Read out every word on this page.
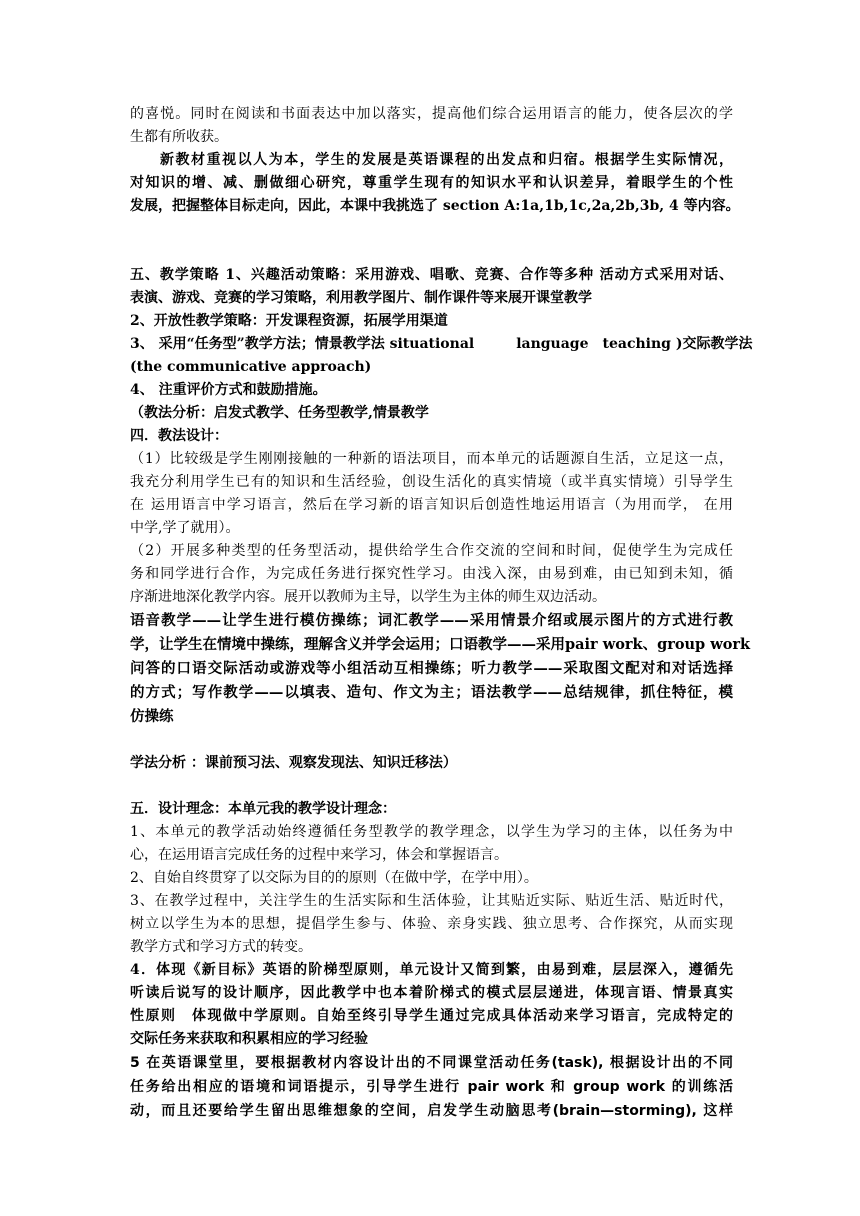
的喜悦。同时在阅读和书面表达中加以落实，提高他们综合运用语言的能力，使各层次的学
生都有所收获。
新教材重视以人为本，学生的发展是英语课程的出发点和归宿。根据学生实际情况，
对知识的增、减、删做细心研究，尊重学生现有的知识水平和认识差异，着眼学生的个性
发展，把握整体目标走向，因此，本课中我挑选了 section A:1a,1b,1c,2a,2b,3b, 4 等内容。
五、教学策略 1、兴趣活动策略：采用游戏、唱歌、竞赛、合作等多种 活动方式采用对话、
表演、游戏、竞赛的学习策略，利用教学图片、制作课件等来展开课堂教学
2、开放性教学策略：开发课程资源，拓展学用渠道
3、 采用“任务型”教学方法；情景教学法 situational　　　language　teaching )交际教学法
(the communicative approach)
4、 注重评价方式和鼓励措施。
（教法分析：启发式教学、任务型教学,情景教学
四．教法设计：
（1）比较级是学生刚刚接触的一种新的语法项目，而本单元的话题源自生活，立足这一点，
我充分利用学生已有的知识和生活经验，创设生活化的真实情境（或半真实情境）引导学生
在 运用语言中学习语言，然后在学习新的语言知识后创造性地运用语言（为用而学， 在用
中学,学了就用）。
（2）开展多种类型的任务型活动，提供给学生合作交流的空间和时间，促使学生为完成任
务和同学进行合作，为完成任务进行探究性学习。由浅入深，由易到难，由已知到未知，循
序渐进地深化教学内容。展开以教师为主导，以学生为主体的师生双边活动。
语音教学——让学生进行模仿操练；词汇教学——采用情景介绍或展示图片的方式进行教
学，让学生在情境中操练，理解含义并学会运用；口语教学——采用pair work、group work
问答的口语交际活动或游戏等小组活动互相操练；听力教学——采取图文配对和对话选择
的方式；写作教学——以填表、造句、作文为主；语法教学——总结规律，抓住特征，模
仿操练
学法分析 ：课前预习法、观察发现法、知识迁移法）
五．设计理念：本单元我的教学设计理念：
1、本单元的教学活动始终遵循任务型教学的教学理念，以学生为学习的主体，以任务为中
心，在运用语言完成任务的过程中来学习，体会和掌握语言。
2、自始自终贯穿了以交际为目的的原则（在做中学，在学中用）。
3、在教学过程中，关注学生的生活实际和生活体验，让其贴近实际、贴近生活、贴近时代，
树立以学生为本的思想，提倡学生参与、体验、亲身实践、独立思考、合作探究，从而实现
教学方式和学习方式的转变。
4．体现《新目标》英语的阶梯型原则，单元设计又简到繁，由易到难，层层深入，遵循先
听读后说写的设计顺序，因此教学中也本着阶梯式的模式层层递进，体现言语、情景真实
性原则　体现做中学原则。自始至终引导学生通过完成具体活动来学习语言，完成特定的
交际任务来获取和积累相应的学习经验
5 在英语课堂里，要根据教材内容设计出的不同课堂活动任务(task), 根据设计出的不同
任务给出相应的语境和词语提示，引导学生进行 pair work 和 group work 的训练活
动，而且还要给学生留出思维想象的空间，启发学生动脑思考(brain—storming), 这样
